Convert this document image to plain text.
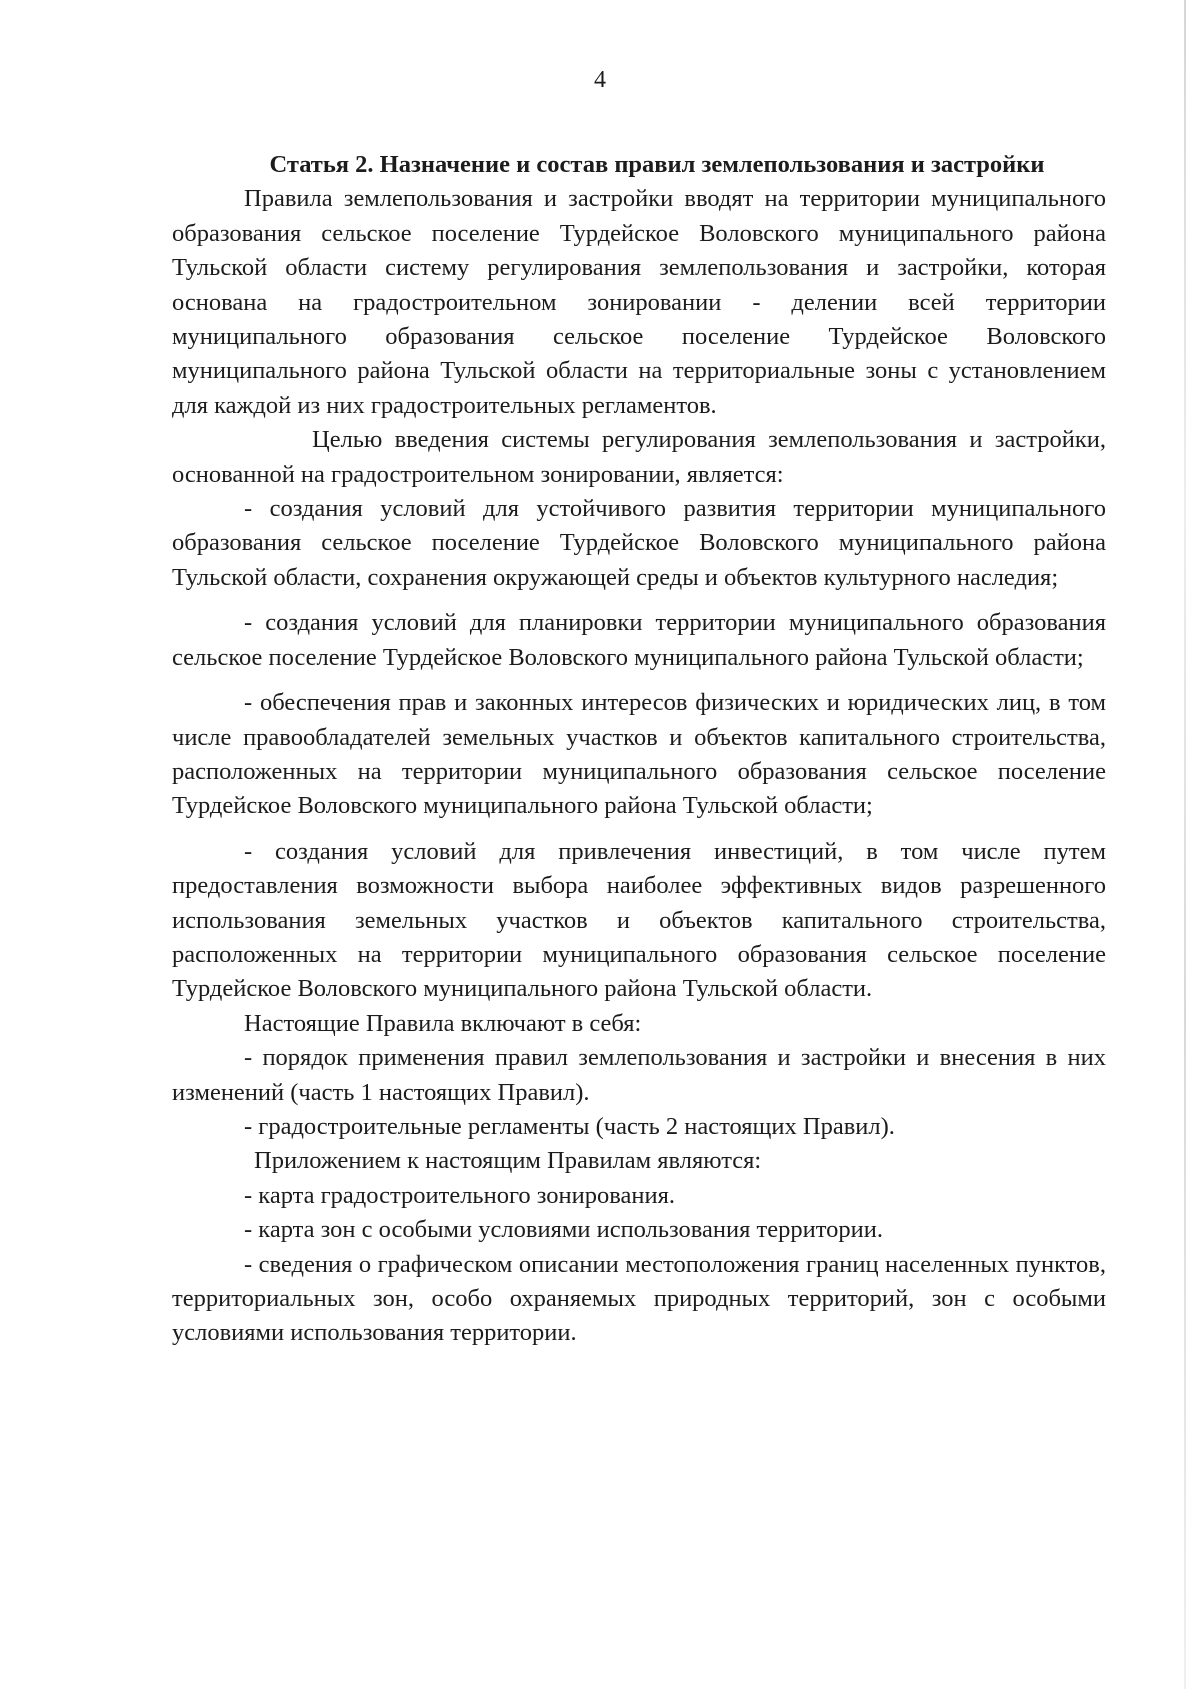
4

Статья 2. Назначение и состав правил землепользования и застройки

Правила землепользования и застройки вводят на территории муниципального образования сельское поселение Турдейское Воловского муниципального района Тульской области систему регулирования землепользования и застройки, которая основана на градостроительном зонировании - делении всей территории муниципального образования сельское поселение Турдейское Воловского муниципального района Тульской области на территориальные зоны с установлением для каждой из них градостроительных регламентов.

Целью введения системы регулирования землепользования и застройки, основанной на градостроительном зонировании, является:

- создания условий для устойчивого развития территории муниципального образования сельское поселение Турдейское Воловского муниципального района Тульской области, сохранения окружающей среды и объектов культурного наследия;

- создания условий для планировки территории муниципального образования сельское поселение Турдейское Воловского муниципального района Тульской области;

- обеспечения прав и законных интересов физических и юридических лиц, в том числе правообладателей земельных участков и объектов капитального строительства, расположенных на территории муниципального образования сельское поселение Турдейское Воловского муниципального района Тульской области;

- создания условий для привлечения инвестиций, в том числе путем предоставления возможности выбора наиболее эффективных видов разрешенного использования земельных участков и объектов капитального строительства, расположенных на территории муниципального образования сельское поселение Турдейское Воловского муниципального района Тульской области.

Настоящие Правила включают в себя:

- порядок применения правил землепользования и застройки и внесения в них изменений (часть 1 настоящих Правил).

- градостроительные регламенты (часть 2 настоящих Правил).

Приложением к настоящим Правилам являются:

- карта градостроительного зонирования.

- карта зон с особыми условиями использования территории.

- сведения о графическом описании местоположения границ населенных пунктов, территориальных зон, особо охраняемых природных территорий, зон с особыми условиями использования территории.
